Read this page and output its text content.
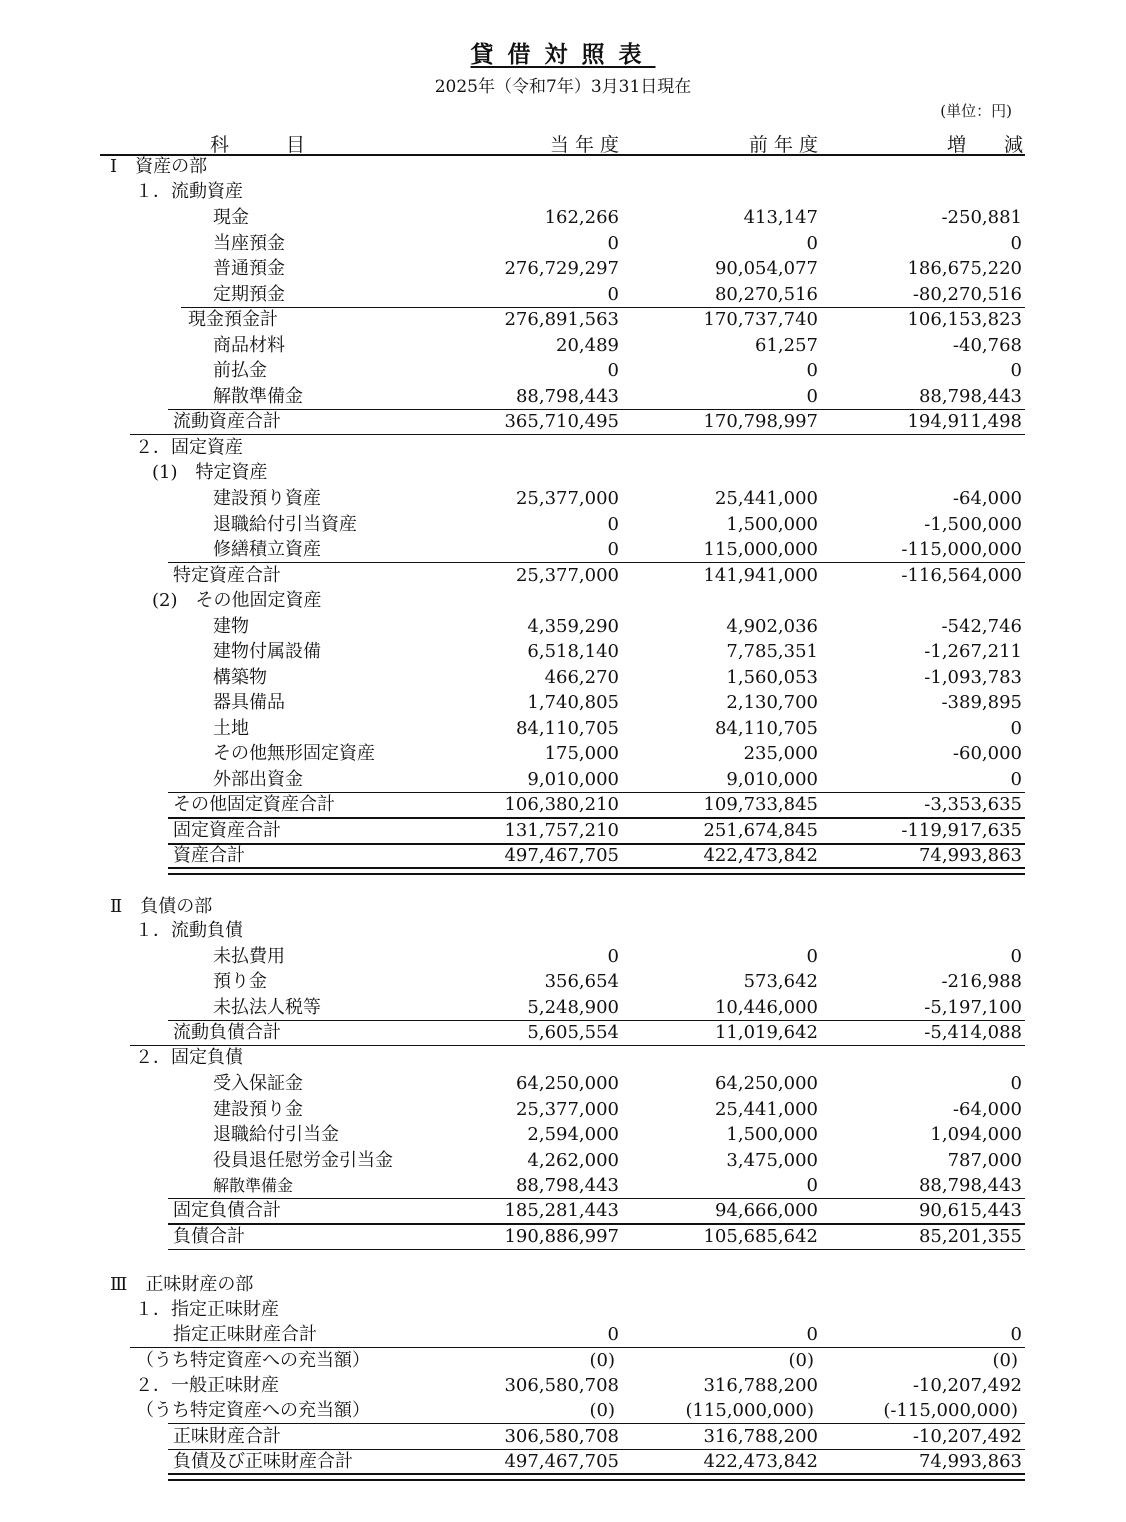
貸借対照表
2025年（令和7年）3月31日現在
(単位：円)
科　　　目	当 年 度	前 年 度	増　　減
Ⅰ　資産の部
１．流動資産
現金	162,266	413,147	-250,881
当座預金	0	0	0
普通預金	276,729,297	90,054,077	186,675,220
定期預金	0	80,270,516	-80,270,516
現金預金計	276,891,563	170,737,740	106,153,823
商品材料	20,489	61,257	-40,768
前払金	0	0	0
解散準備金	88,798,443	0	88,798,443
流動資産合計	365,710,495	170,798,997	194,911,498
２．固定資産
(1)　特定資産
建設預り資産	25,377,000	25,441,000	-64,000
退職給付引当資産	0	1,500,000	-1,500,000
修繕積立資産	0	115,000,000	-115,000,000
特定資産合計	25,377,000	141,941,000	-116,564,000
(2)　その他固定資産
建物	4,359,290	4,902,036	-542,746
建物付属設備	6,518,140	7,785,351	-1,267,211
構築物	466,270	1,560,053	-1,093,783
器具備品	1,740,805	2,130,700	-389,895
土地	84,110,705	84,110,705	0
その他無形固定資産	175,000	235,000	-60,000
外部出資金	9,010,000	9,010,000	0
その他固定資産合計	106,380,210	109,733,845	-3,353,635
固定資産合計	131,757,210	251,674,845	-119,917,635
資産合計	497,467,705	422,473,842	74,993,863
Ⅱ　負債の部
１．流動負債
未払費用	0	0	0
預り金	356,654	573,642	-216,988
未払法人税等	5,248,900	10,446,000	-5,197,100
流動負債合計	5,605,554	11,019,642	-5,414,088
２．固定負債
受入保証金	64,250,000	64,250,000	0
建設預り金	25,377,000	25,441,000	-64,000
退職給付引当金	2,594,000	1,500,000	1,094,000
役員退任慰労金引当金	4,262,000	3,475,000	787,000
解散準備金	88,798,443	0	88,798,443
固定負債合計	185,281,443	94,666,000	90,615,443
負債合計	190,886,997	105,685,642	85,201,355
Ⅲ　正味財産の部
１．指定正味財産
指定正味財産合計	0	0	0
（うち特定資産への充当額）	(0)	(0)	(0)
２．一般正味財産	306,580,708	316,788,200	-10,207,492
（うち特定資産への充当額）	(0)	(115,000,000)	(-115,000,000)
正味財産合計	306,580,708	316,788,200	-10,207,492
負債及び正味財産合計	497,467,705	422,473,842	74,993,863
